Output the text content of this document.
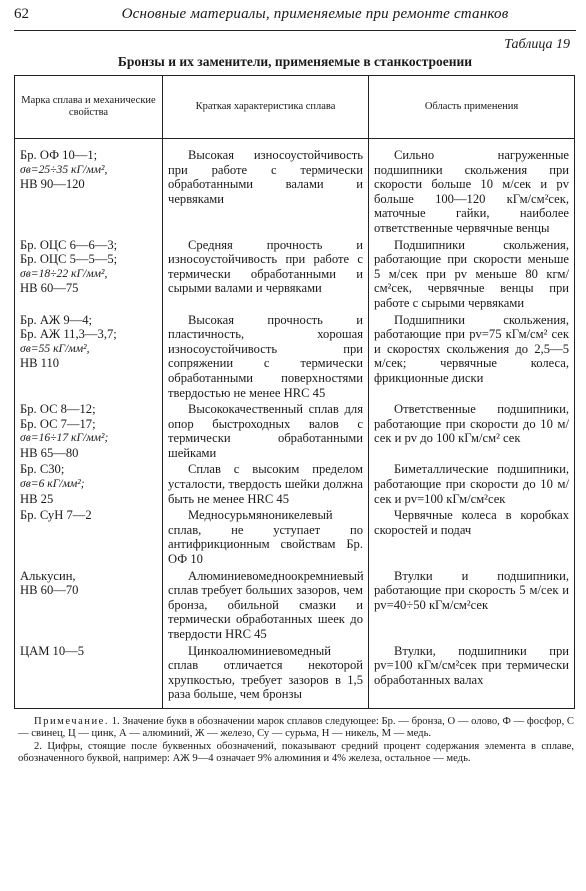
62	Основные материалы, применяемые при ремонте станков
Таблица 19
Бронзы и их заменители, применяемые в станкостроении
Марка сплава и механические свойства	Краткая характеристика сплава	Область применения

Бр. ОФ 10—1;
σв=25÷35 кГ/мм²,
НВ 90—120	Высокая износоустойчивость при работе с термически обработанными валами и червяками	Сильно нагруженные подшипники скольжения при скорости больше 10 м/сек и pv больше 100—120 кГм/см²сек, маточные гайки, наиболее ответственные червячные венцы

Бр. ОЦС 6—6—3;
Бр. ОЦС 5—5—5;
σв=18÷22 кГ/мм²,
НВ 60—75	Средняя прочность и износоустойчивость при работе с термически обработанными и сырыми валами и червяками	Подшипники скольжения, работающие при скорости меньше 5 м/сек при pv меньше 80 кгм/см²сек, червячные венцы при работе с сырыми червяками

Бр. АЖ 9—4;
Бр. АЖ 11,3—3,7;
σв=55 кГ/мм²,
НВ 110	Высокая прочность и пластичность, хорошая износоустойчивость при сопряжении с термически обработанными поверхностями твердостью не менее HRC 45	Подшипники скольжения, работающие при pv=75 кГм/см² сек и скоростях скольжения до 2,5—5 м/сек; червячные колеса, фрикционные диски

Бр. ОС 8—12;
Бр. ОС 7—17;
σв=16÷17 кГ/мм²;
НВ 65—80	Высококачественный сплав для опор быстроходных валов с термически обработанными шейками	Ответственные подшипники, работающие при скорости до 10 м/сек и pv до 100 кГм/см² сек

Бр. С30;
σв=6 кГ/мм²;
НВ 25	Сплав с высоким пределом усталости, твердость шейки должна быть не менее HRC 45	Биметаллические подшипники, работающие при скорости до 10 м/сек и pv=100 кГм/см²сек

Бр. СуН 7—2	Медносурьмяноникелевый сплав, не уступает по антифрикционным свойствам Бр. ОФ 10	Червячные колеса в коробках скоростей и подач

Алькусин,
НВ 60—70	Алюминиевомедноокремниевый сплав требует больших зазоров, чем бронза, обильной смазки и термически обработанных шеек до твердости HRC 45	Втулки и подшипники, работающие при скорость 5 м/сек и pv=40÷50 кГм/см²сек

ЦАМ 10—5	Цинкоалюминиевомедный сплав отличается некоторой хрупкостью, требует зазоров в 1,5 раза больше, чем бронзы	Втулки, подшипники при pv=100 кГм/см²сек при термически обработанных валах

Примечание. 1. Значение букв в обозначении марок сплавов следующее: Бр. — бронза, О — олово, Ф — фосфор, С — свинец, Ц — цинк, А — алюминий, Ж — железо, Су — сурьма, Н — никель, М — медь.

2. Цифры, стоящие после буквенных обозначений, показывают средний процент содержания элемента в сплаве, обозначенного буквой, например: АЖ 9—4 означает 9% алюминия и 4% железа, остальное — медь.
